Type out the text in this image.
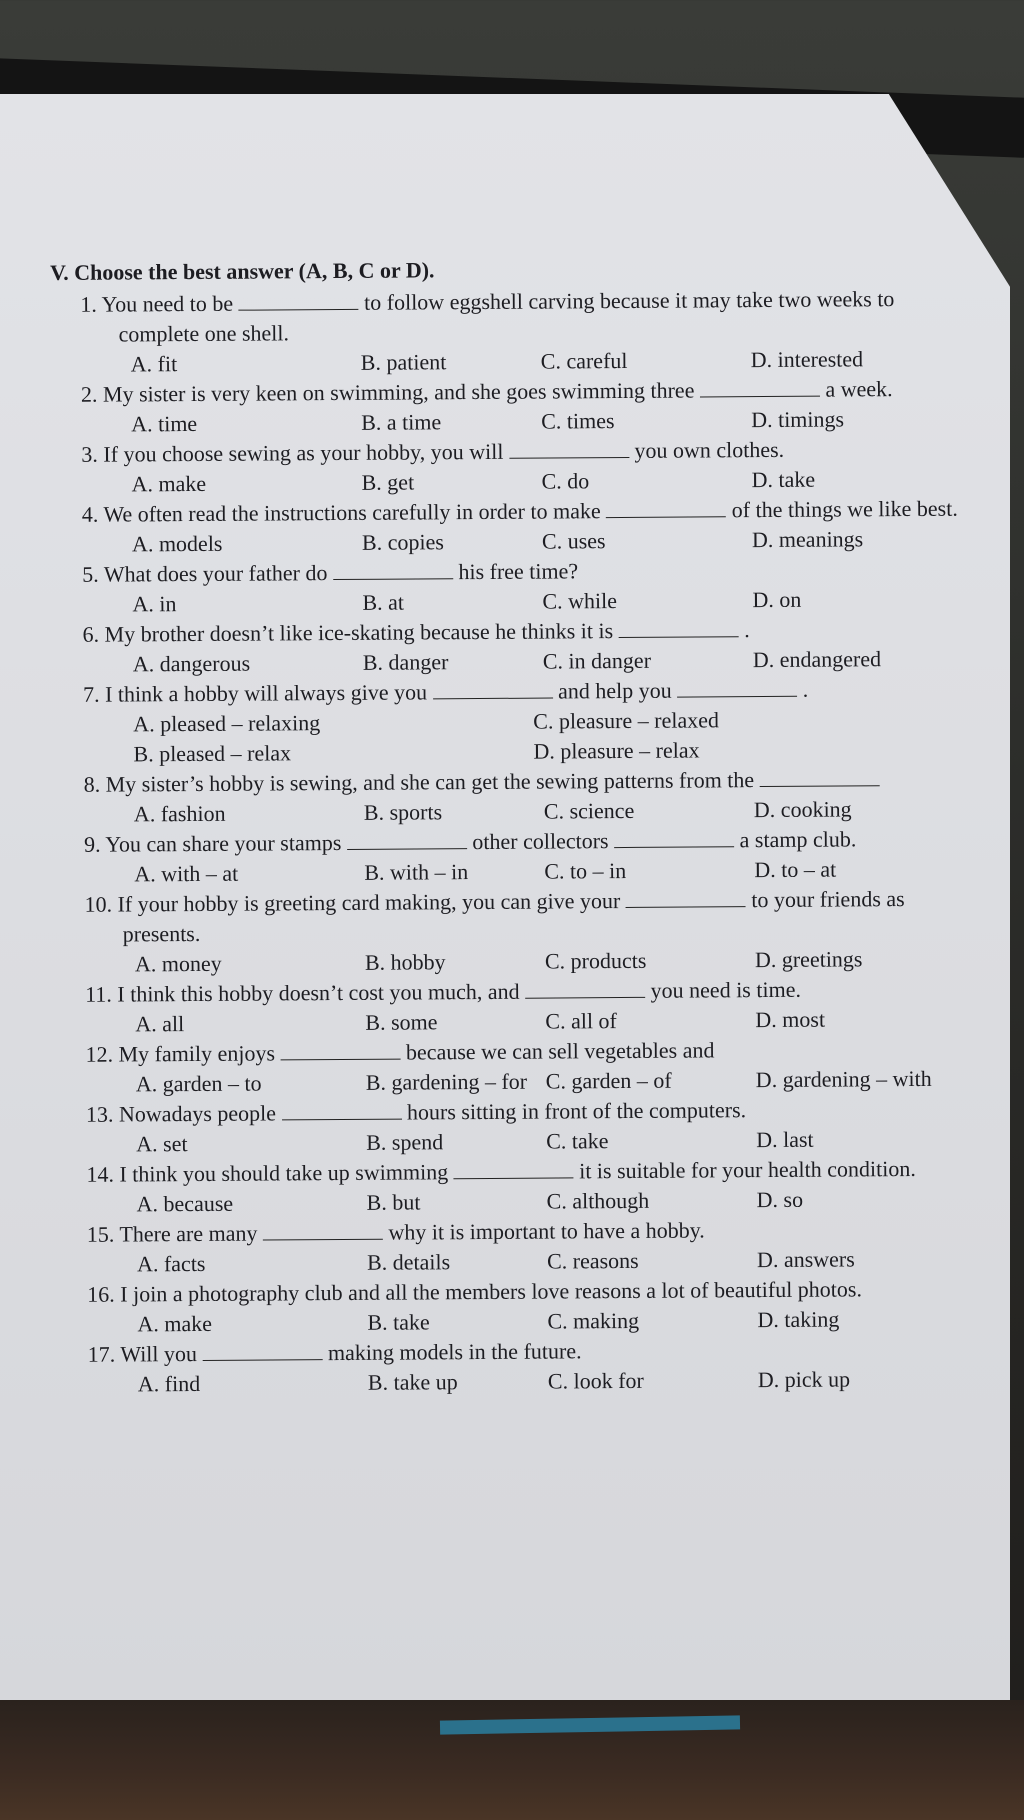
V. Choose the best answer (A, B, C or D).
1. You need to be	to follow eggshell carving because it may take two weeks to complete one shell.
A. fit	B. patient	C. careful	D. interested
2. My sister is very keen on swimming, and she goes swimming three	a week.
A. time	B. a time	C. times	D. timings
3. If you choose sewing as your hobby, you will	you own clothes.
A. make	B. get	C. do	D. take
4. We often read the instructions carefully in order to make	of the things we like best.
A. models	B. copies	C. uses	D. meanings
5. What does your father do	his free time?
A. in	B. at	C. while	D. on
6. My brother doesn’t like ice-skating because he thinks it is	.
A. dangerous	B. danger	C. in danger	D. endangered
7. I think a hobby will always give you	and help you	.
A. pleased – relaxing	C. pleasure – relaxed
B. pleased – relax	D. pleasure – relax
8. My sister’s hobby is sewing, and she can get the sewing patterns from the
A. fashion	B. sports	C. science	D. cooking
9. You can share your stamps	other collectors	a stamp club.
A. with – at	B. with – in	C. to – in	D. to – at
10. If your hobby is greeting card making, you can give your	to your friends as presents.
A. money	B. hobby	C. products	D. greetings
11. I think this hobby doesn’t cost you much, and	you need is time.
A. all	B. some	C. all of	D. most
12. My family enjoys	because we can sell vegetables and
A. garden – to	B. gardening – for C. garden – of	D. gardening – with
13. Nowadays people	hours sitting in front of the computers.
A. set	B. spend	C. take	D. last
14. I think you should take up swimming	it is suitable for your health condition.
A. because	B. but	C. although	D. so
15. There are many	why it is important to have a hobby.
A. facts	B. details	C. reasons	D. answers
16. I join a photography club and all the members love reasons a lot of beautiful photos.
A. make	B. take	C. making	D. taking
17. Will you	making models in the future.
A. find	B. take up	C. look for	D. pick up
